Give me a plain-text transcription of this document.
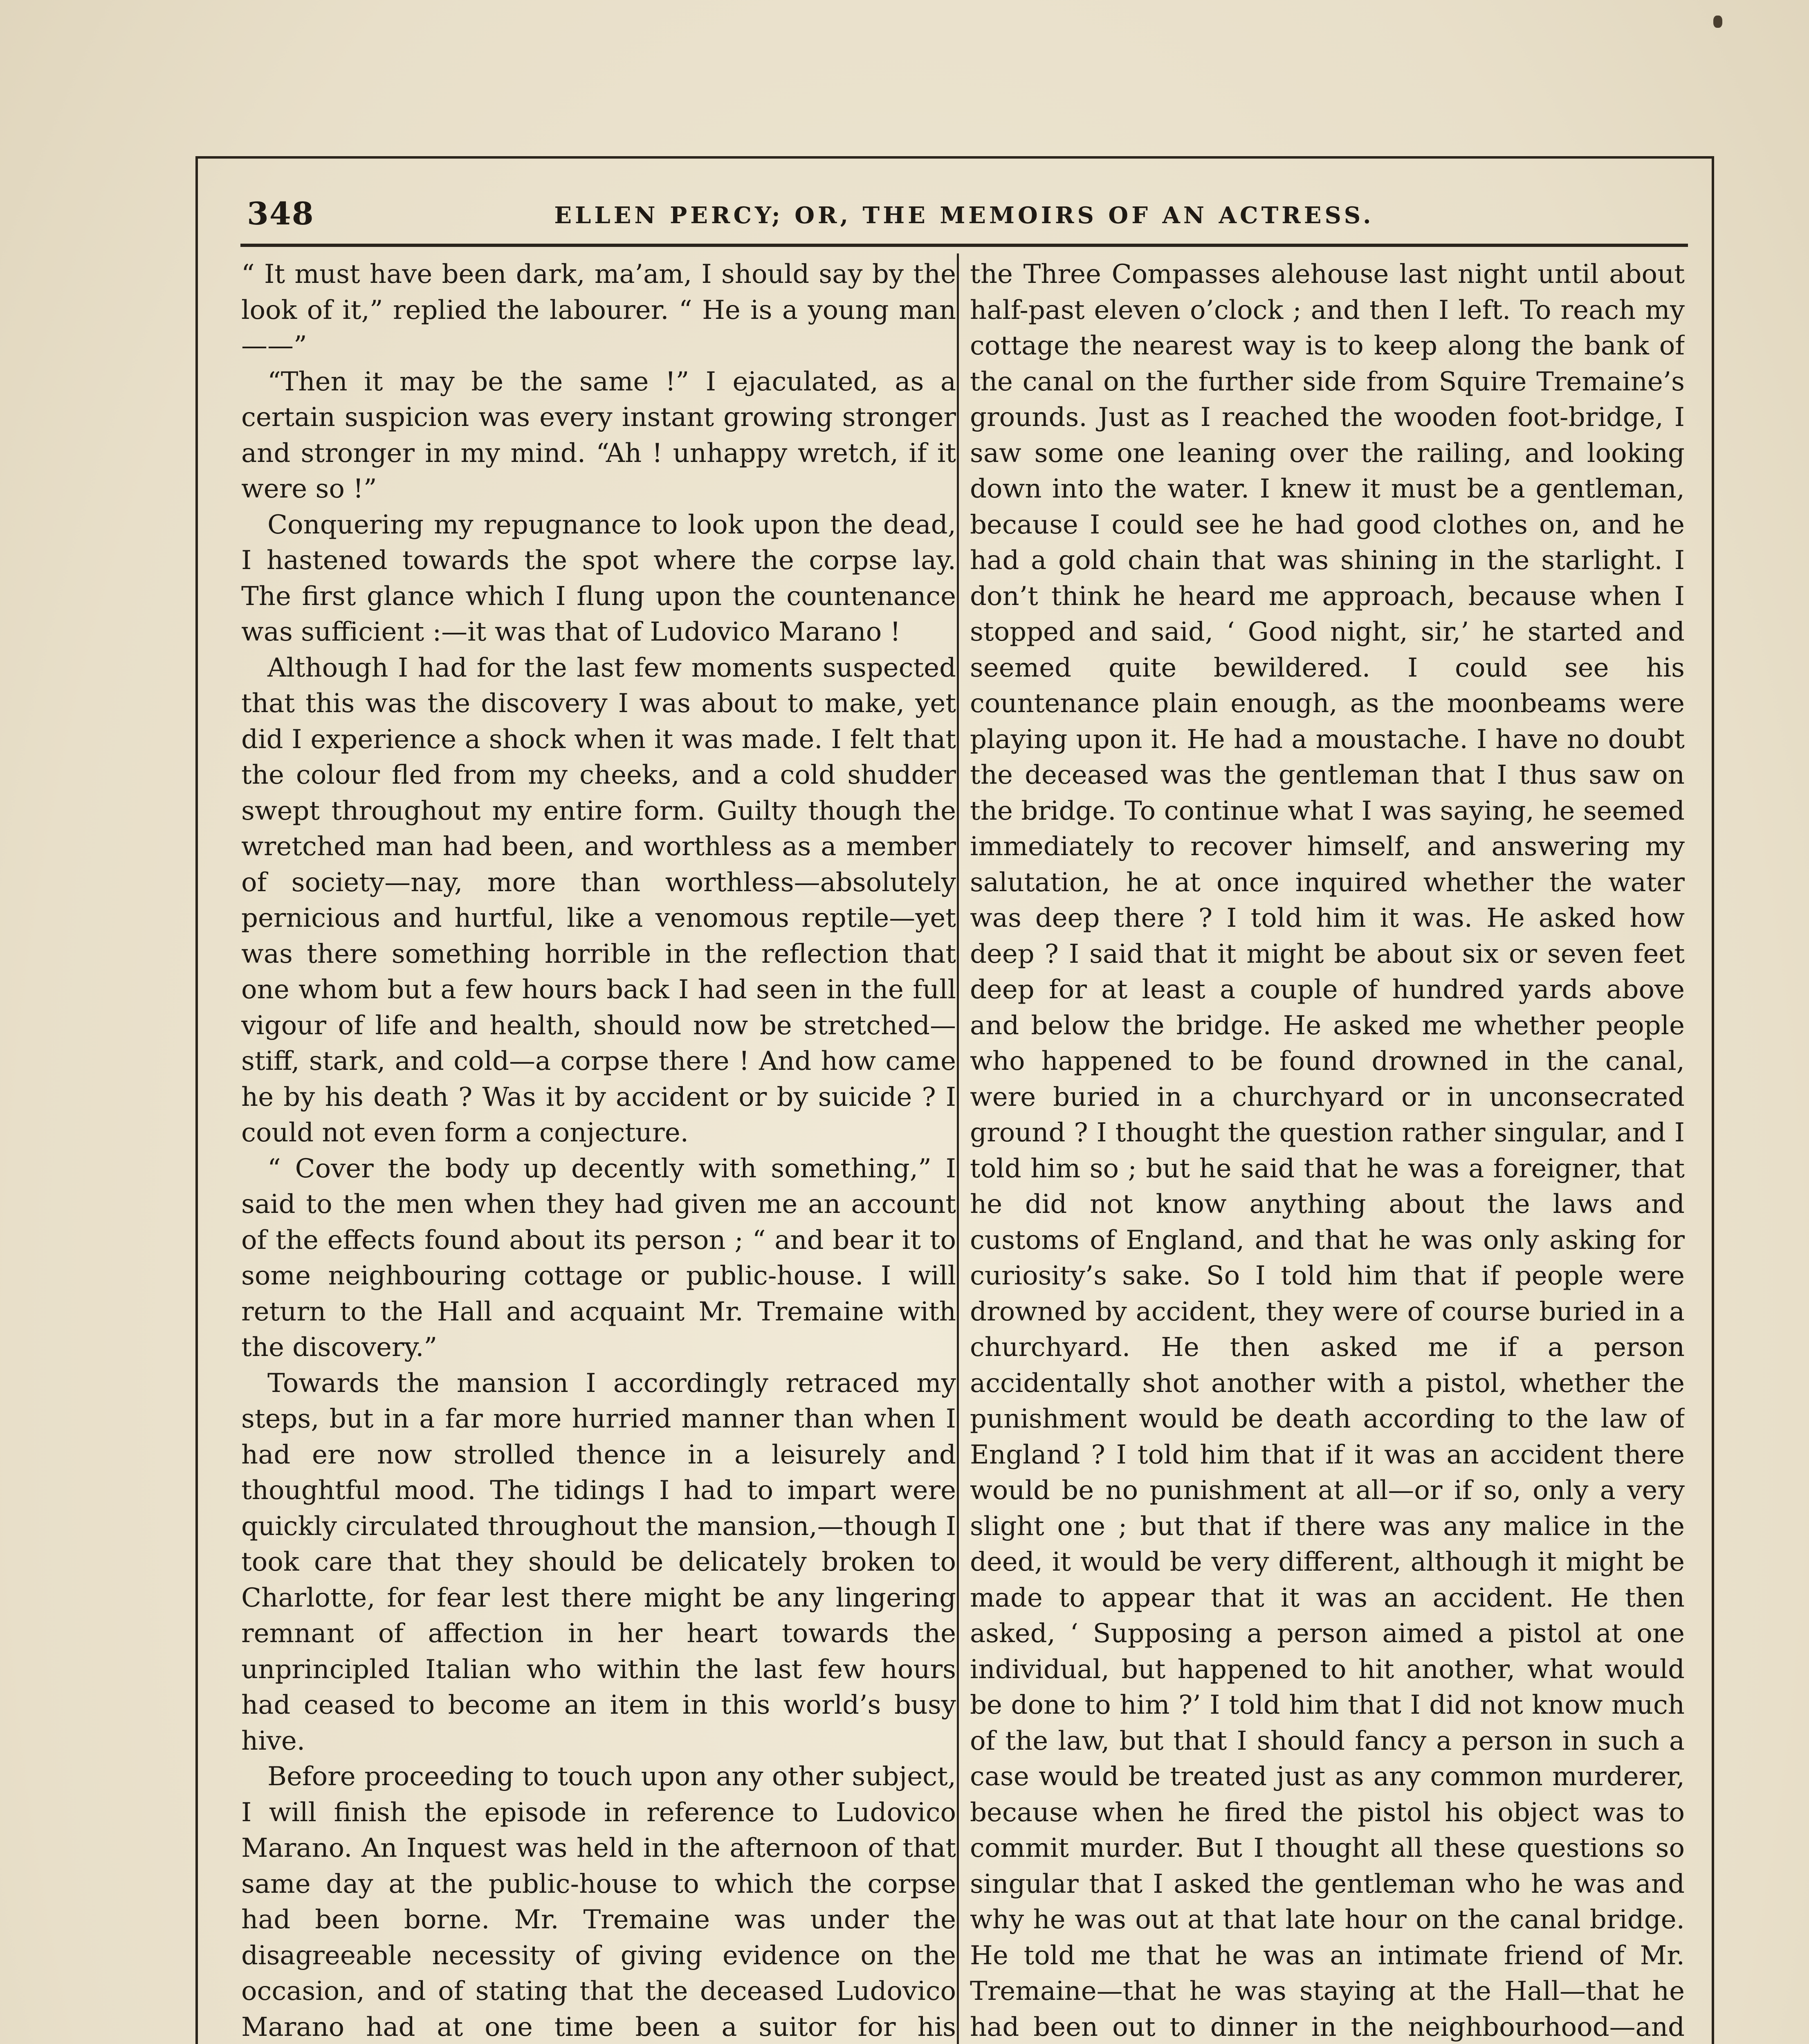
348	ELLEN PERCY; OR, THE MEMOIRS OF AN ACTRESS.

“ It must have been dark, ma’am, I should say by the look of it,” replied the labourer. “ He is a young man——”

“Then it may be the same !” I ejaculated, as a certain suspicion was every instant growing stronger and stronger in my mind. “Ah ! unhappy wretch, if it were so !”

Conquering my repugnance to look upon the dead, I hastened towards the spot where the corpse lay. The first glance which I flung upon the countenance was sufficient :—it was that of Ludovico Marano !

Although I had for the last few moments suspected that this was the discovery I was about to make, yet did I experience a shock when it was made. I felt that the colour fled from my cheeks, and a cold shudder swept throughout my entire form. Guilty though the wretched man had been, and worthless as a member of society—nay, more than worthless—absolutely pernicious and hurtful, like a venomous reptile—yet was there something horrible in the reflection that one whom but a few hours back I had seen in the full vigour of life and health, should now be stretched—stiff, stark, and cold—a corpse there ! And how came he by his death ? Was it by accident or by suicide ? I could not even form a conjecture.

“ Cover the body up decently with something,” I said to the men when they had given me an account of the effects found about its person ; “ and bear it to some neighbouring cottage or public-house. I will return to the Hall and acquaint Mr. Tremaine with the discovery.”

Towards the mansion I accordingly retraced my steps, but in a far more hurried manner than when I had ere now strolled thence in a leisurely and thoughtful mood. The tidings I had to impart were quickly circulated throughout the mansion,—though I took care that they should be delicately broken to Charlotte, for fear lest there might be any lingering remnant of affection in her heart towards the unprincipled Italian who within the last few hours had ceased to become an item in this world’s busy hive.

Before proceeding to touch upon any other subject, I will finish the episode in reference to Ludovico Marano. An Inquest was held in the afternoon of that same day at the public-house to which the corpse had been borne. Mr. Tremaine was under the disagreeable necessity of giving evidence on the occasion, and of stating that the deceased Ludovico Marano had at one time been a suitor for his

the Three Compasses alehouse last night until about half-past eleven o’clock ; and then I left. To reach my cottage the nearest way is to keep along the bank of the canal on the further side from Squire Tremaine’s grounds. Just as I reached the wooden foot-bridge, I saw some one leaning over the railing, and looking down into the water. I knew it must be a gentleman, because I could see he had good clothes on, and he had a gold chain that was shining in the starlight. I don’t think he heard me approach, because when I stopped and said, ‘ Good night, sir,’ he started and seemed quite bewildered. I could see his countenance plain enough, as the moonbeams were playing upon it. He had a moustache. I have no doubt the deceased was the gentleman that I thus saw on the bridge. To continue what I was saying, he seemed immediately to recover himself, and answering my salutation, he at once inquired whether the water was deep there ? I told him it was. He asked how deep ? I said that it might be about six or seven feet deep for at least a couple of hundred yards above and below the bridge. He asked me whether people who happened to be found drowned in the canal, were buried in a churchyard or in unconsecrated ground ? I thought the question rather singular, and I told him so ; but he said that he was a foreigner, that he did not know anything about the laws and customs of England, and that he was only asking for curiosity’s sake. So I told him that if people were drowned by accident, they were of course buried in a churchyard. He then asked me if a person accidentally shot another with a pistol, whether the punishment would be death according to the law of England ? I told him that if it was an accident there would be no punishment at all—or if so, only a very slight one ; but that if there was any malice in the deed, it would be very different, although it might be made to appear that it was an accident. He then asked, ‘ Supposing a person aimed a pistol at one individual, but happened to hit another, what would be done to him ?’ I told him that I did not know much of the law, but that I should fancy a person in such a case would be treated just as any common murderer, because when he fired the pistol his object was to commit murder. But I thought all these questions so singular that I asked the gentleman who he was and why he was out at that late hour on the canal bridge. He told me that he was an intimate friend of Mr. Tremaine—that he was staying at the Hall—that he had been out to dinner in the neighbourhood—and
